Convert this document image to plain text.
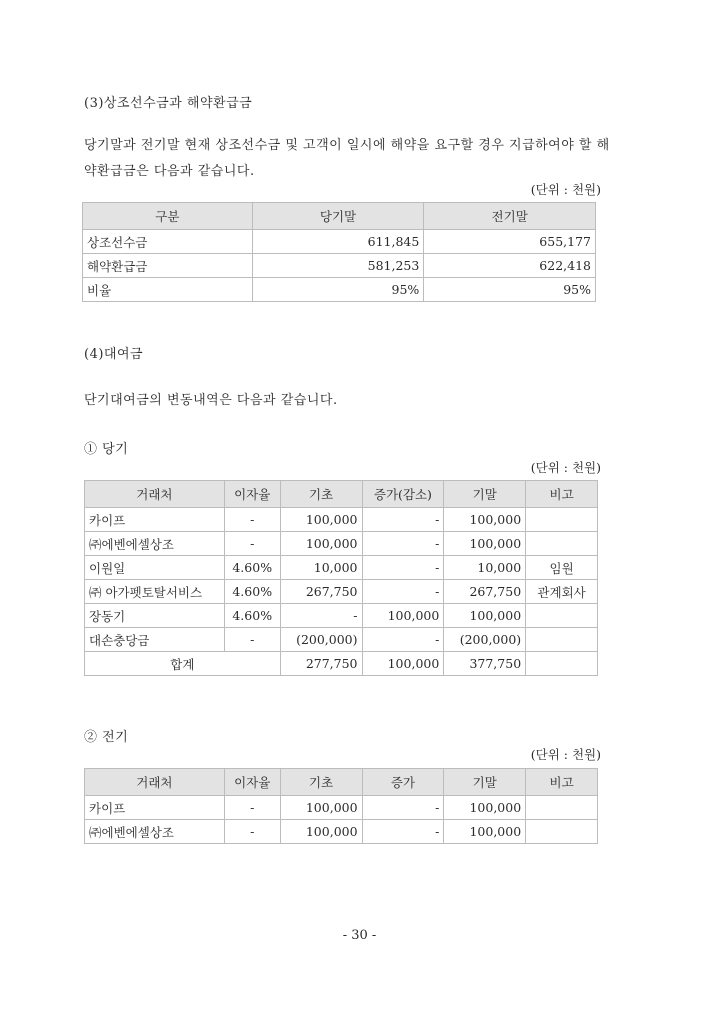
(3)상조선수금과 해약환급금
당기말과 전기말 현재 상조선수금 및 고객이 일시에 해약을 요구할 경우 지급하여야 할 해
약환급금은 다음과 같습니다.
(단위 : 천원)
구분	당기말	전기말
상조선수금	611,845	655,177
해약환급금	581,253	622,418
비율	95%	95%
(4)대여금
단기대여금의 변동내역은 다음과 같습니다.
① 당기
(단위 : 천원)
거래처	이자율	기초	증가(감소)	기말	비고
카이프	-	100,000	-	100,000	
㈜에벤에셀상조	-	100,000	-	100,000	
이원일	4.60%	10,000	-	10,000	임원
㈜ 아가펫토탈서비스	4.60%	267,750	-	267,750	관계회사
장동기	4.60%	-	100,000	100,000	
대손충당금	-	(200,000)	-	(200,000)	
합계		277,750	100,000	377,750	
② 전기
(단위 : 천원)
거래처	이자율	기초	증가	기말	비고
카이프	-	100,000	-	100,000	
㈜에벤에셀상조	-	100,000	-	100,000	
- 30 -
